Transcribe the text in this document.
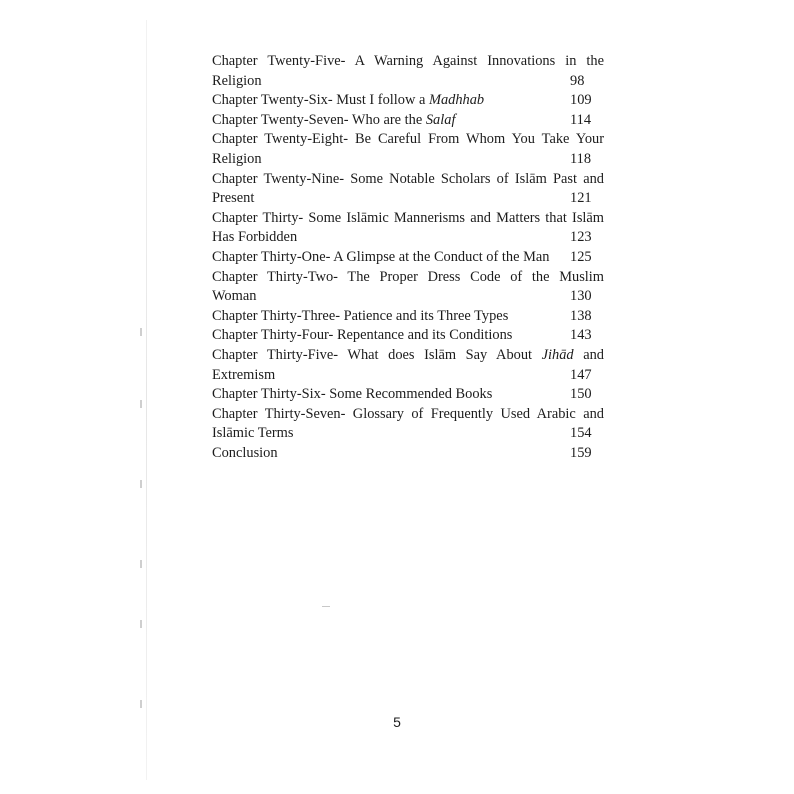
Chapter Twenty-Five- A Warning Against Innovations in the
Religion	98
Chapter Twenty-Six- Must I follow a Madhhab	109
Chapter Twenty-Seven- Who are the Salaf	114
Chapter Twenty-Eight- Be Careful From Whom You Take Your
Religion	118
Chapter Twenty-Nine- Some Notable Scholars of Islām Past and
Present	121
Chapter Thirty- Some Islāmic Mannerisms and Matters that Islām
Has Forbidden	123
Chapter Thirty-One- A Glimpse at the Conduct of the Man	125
Chapter Thirty-Two- The Proper Dress Code of the Muslim
Woman	130
Chapter Thirty-Three- Patience and its Three Types	138
Chapter Thirty-Four- Repentance and its Conditions	143
Chapter Thirty-Five- What does Islām Say About Jihād and
Extremism	147
Chapter Thirty-Six- Some Recommended Books	150
Chapter Thirty-Seven- Glossary of Frequently Used Arabic and
Islāmic Terms	154
Conclusion	159
5
